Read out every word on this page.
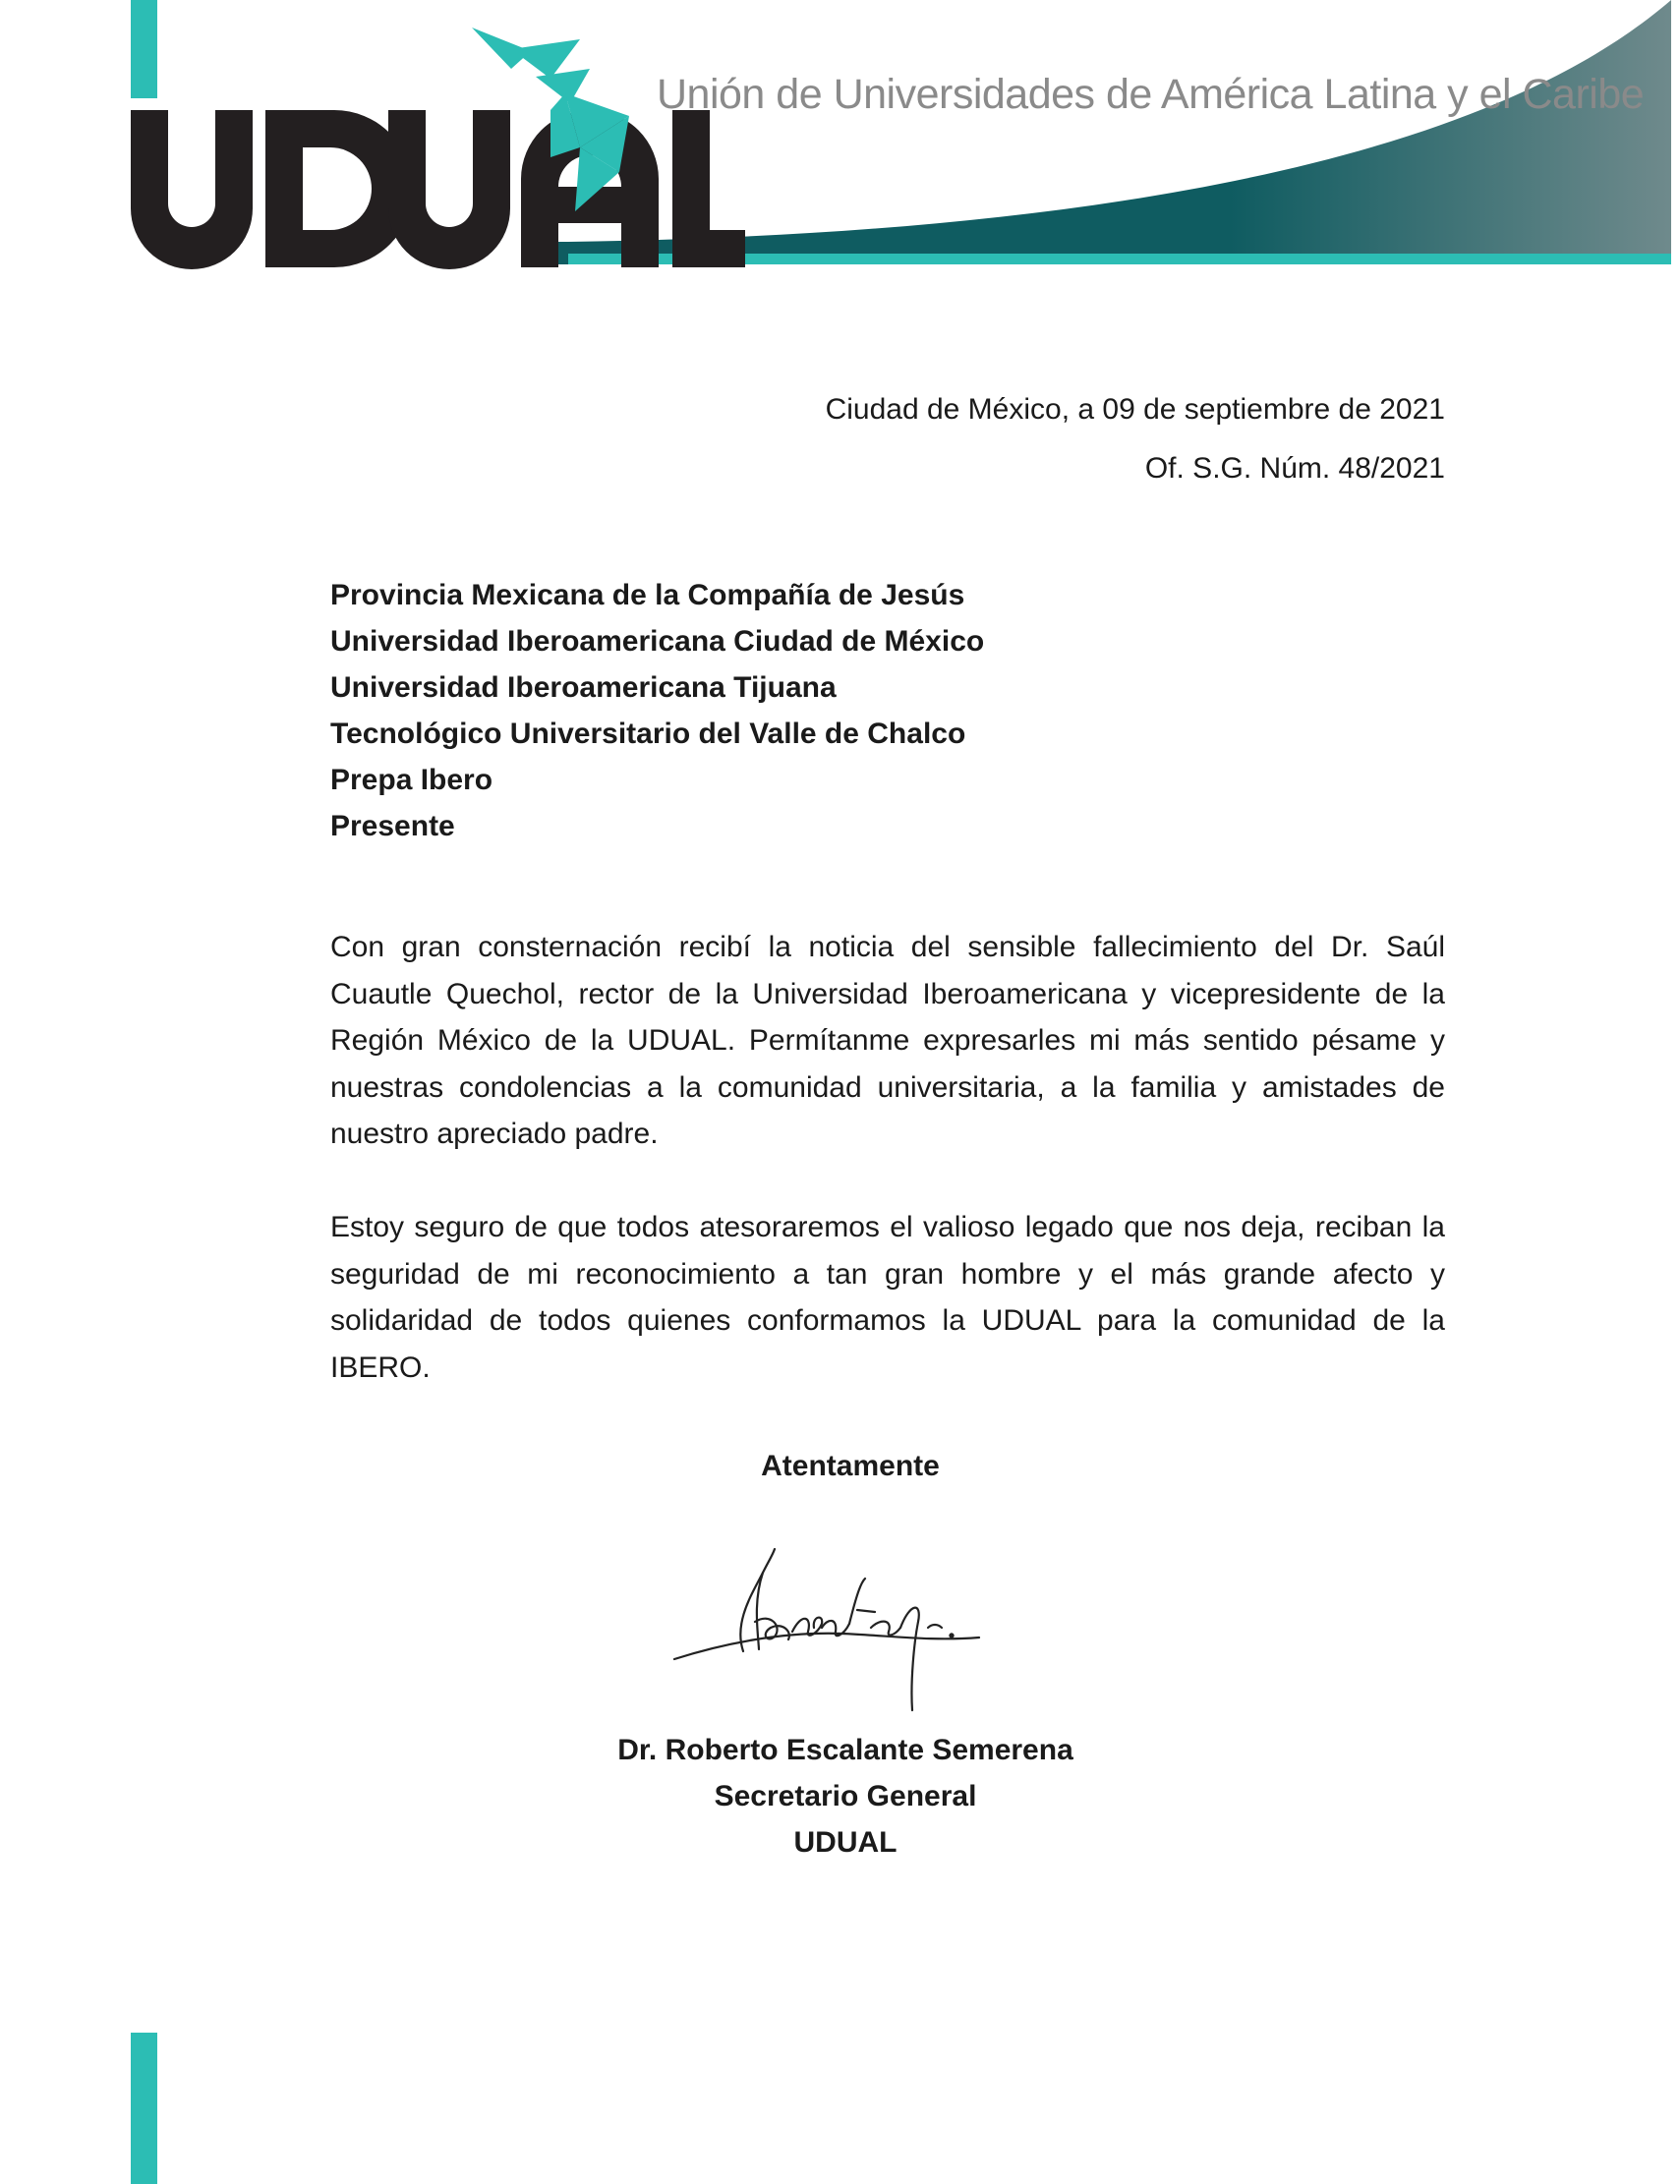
Unión de Universidades de América Latina y el Caribe

Ciudad de México, a 09 de septiembre de 2021

Of. S.G. Núm. 48/2021

Provincia Mexicana de la Compañía de Jesús
Universidad Iberoamericana Ciudad de México
Universidad Iberoamericana Tijuana
Tecnológico Universitario del Valle de Chalco
Prepa Ibero
Presente

Con gran consternación recibí la noticia del sensible fallecimiento del Dr. Saúl Cuautle Quechol, rector de la Universidad Iberoamericana y vicepresidente de la Región México de la UDUAL. Permítanme expresarles mi más sentido pésame y nuestras condolencias a la comunidad universitaria, a la familia y amistades de nuestro apreciado padre.

Estoy seguro de que todos atesoraremos el valioso legado que nos deja, reciban la seguridad de mi reconocimiento a tan gran hombre y el más grande afecto y solidaridad de todos quienes conformamos la UDUAL para la comunidad de la IBERO.

Atentamente

Dr. Roberto Escalante Semerena
Secretario General
UDUAL
